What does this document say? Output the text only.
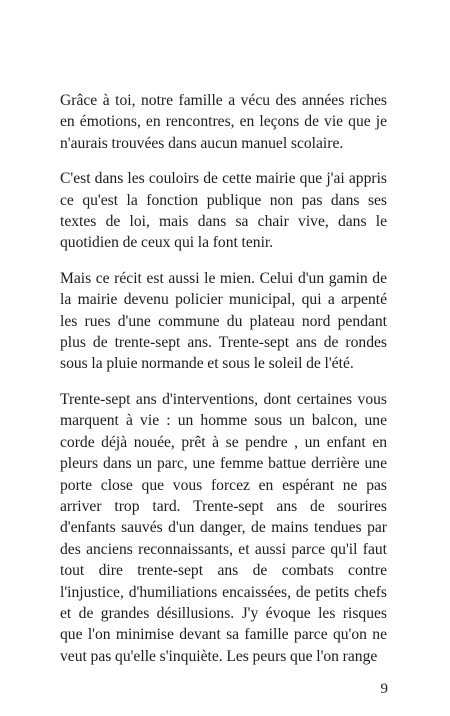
Grâce à toi, notre famille a vécu des années riches en émotions, en rencontres, en leçons de vie que je n'aurais trouvées dans aucun manuel scolaire.

C'est dans les couloirs de cette mairie que j'ai appris ce qu'est la fonction publique non pas dans ses textes de loi, mais dans sa chair vive, dans le quotidien de ceux qui la font tenir.

Mais ce récit est aussi le mien. Celui d'un gamin de la mairie devenu policier municipal, qui a arpenté les rues d'une commune du plateau nord pendant plus de trente-sept ans. Trente-sept ans de rondes sous la pluie normande et sous le soleil de l'été.

Trente-sept ans d'interventions, dont certaines vous marquent à vie : un homme sous un balcon, une corde déjà nouée, prêt à se pendre , un enfant en pleurs dans un parc, une femme battue derrière une porte close que vous forcez en espérant ne pas arriver trop tard. Trente-sept ans de sourires d'enfants sauvés d'un danger, de mains tendues par des anciens reconnaissants, et aussi parce qu'il faut tout dire trente-sept ans de combats contre l'injustice, d'humiliations encaissées, de petits chefs et de grandes désillusions. J'y évoque les risques que l'on minimise devant sa famille parce qu'on ne veut pas qu'elle s'inquiète. Les peurs que l'on range

9
